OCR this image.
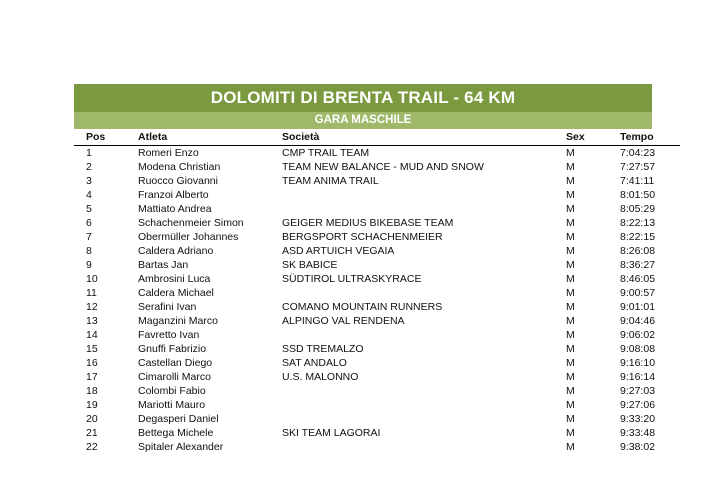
DOLOMITI DI BRENTA TRAIL - 64 KM
GARA MASCHILE
Pos	Atleta	Società	Sex	Tempo
1	Romeri Enzo	CMP TRAIL TEAM	M	7:04:23
2	Modena Christian	TEAM NEW BALANCE - MUD AND SNOW	M	7:27:57
3	Ruocco Giovanni	TEAM ANIMA TRAIL	M	7:41:11
4	Franzoi Alberto		M	8:01:50
5	Mattiato Andrea		M	8:05:29
6	Schachenmeier Simon	GEIGER MEDIUS BIKEBASE TEAM	M	8:22:13
7	Obermüller Johannes	BERGSPORT SCHACHENMEIER	M	8:22:15
8	Caldera Adriano	ASD ARTUICH VEGAIA	M	8:26:08
9	Bartas Jan	SK BABICE	M	8:36:27
10	Ambrosini Luca	SÜDTIROL ULTRASKYRACE	M	8:46:05
11	Caldera Michael		M	9:00:57
12	Serafini Ivan	COMANO MOUNTAIN RUNNERS	M	9:01:01
13	Maganzini Marco	ALPINGO VAL RENDENA	M	9:04:46
14	Favretto Ivan		M	9:06:02
15	Gnuffi Fabrizio	SSD TREMALZO	M	9:08:08
16	Castellan Diego	SAT ANDALO	M	9:16:10
17	Cimarolli Marco	U.S. MALONNO	M	9:16:14
18	Colombi Fabio		M	9:27:03
19	Mariotti Mauro		M	9:27:06
20	Degasperi Daniel		M	9:33:20
21	Bettega Michele	SKI TEAM LAGORAI	M	9:33:48
22	Spitaler Alexander		M	9:38:02
